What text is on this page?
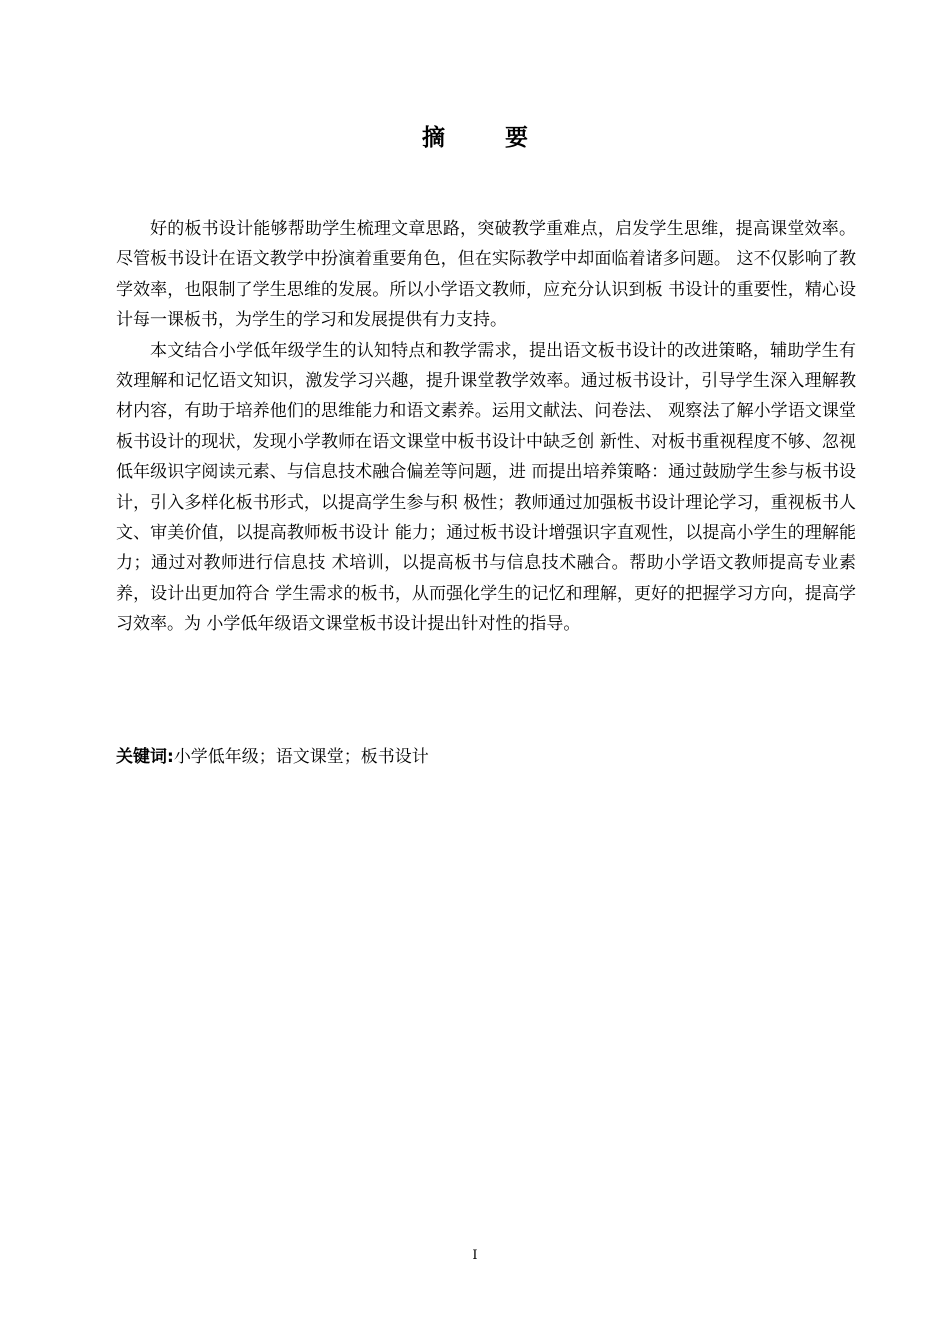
摘 要

好的板书设计能够帮助学生梳理文章思路，突破教学重难点，启发学生思维，提高课堂效率。尽管板书设计在语文教学中扮演着重要角色，但在实际教学中却面临着诸多问题。 这不仅影响了教学效率，也限制了学生思维的发展。所以小学语文教师，应充分认识到板 书设计的重要性，精心设计每一课板书，为学生的学习和发展提供有力支持。

本文结合小学低年级学生的认知特点和教学需求，提出语文板书设计的改进策略，辅助学生有效理解和记忆语文知识，激发学习兴趣，提升课堂教学效率。通过板书设计，引导学生深入理解教材内容，有助于培养他们的思维能力和语文素养。运用文献法、问卷法、 观察法了解小学语文课堂板书设计的现状，发现小学教师在语文课堂中板书设计中缺乏创 新性、对板书重视程度不够、忽视低年级识字阅读元素、与信息技术融合偏差等问题，进 而提出培养策略：通过鼓励学生参与板书设计，引入多样化板书形式，以提高学生参与积 极性；教师通过加强板书设计理论学习，重视板书人文、审美价值，以提高教师板书设计 能力；通过板书设计增强识字直观性，以提高小学生的理解能力；通过对教师进行信息技 术培训，以提高板书与信息技术融合。帮助小学语文教师提高专业素养，设计出更加符合 学生需求的板书，从而强化学生的记忆和理解，更好的把握学习方向，提高学习效率。为 小学低年级语文课堂板书设计提出针对性的指导。

关键词:小学低年级；语文课堂；板书设计
I
